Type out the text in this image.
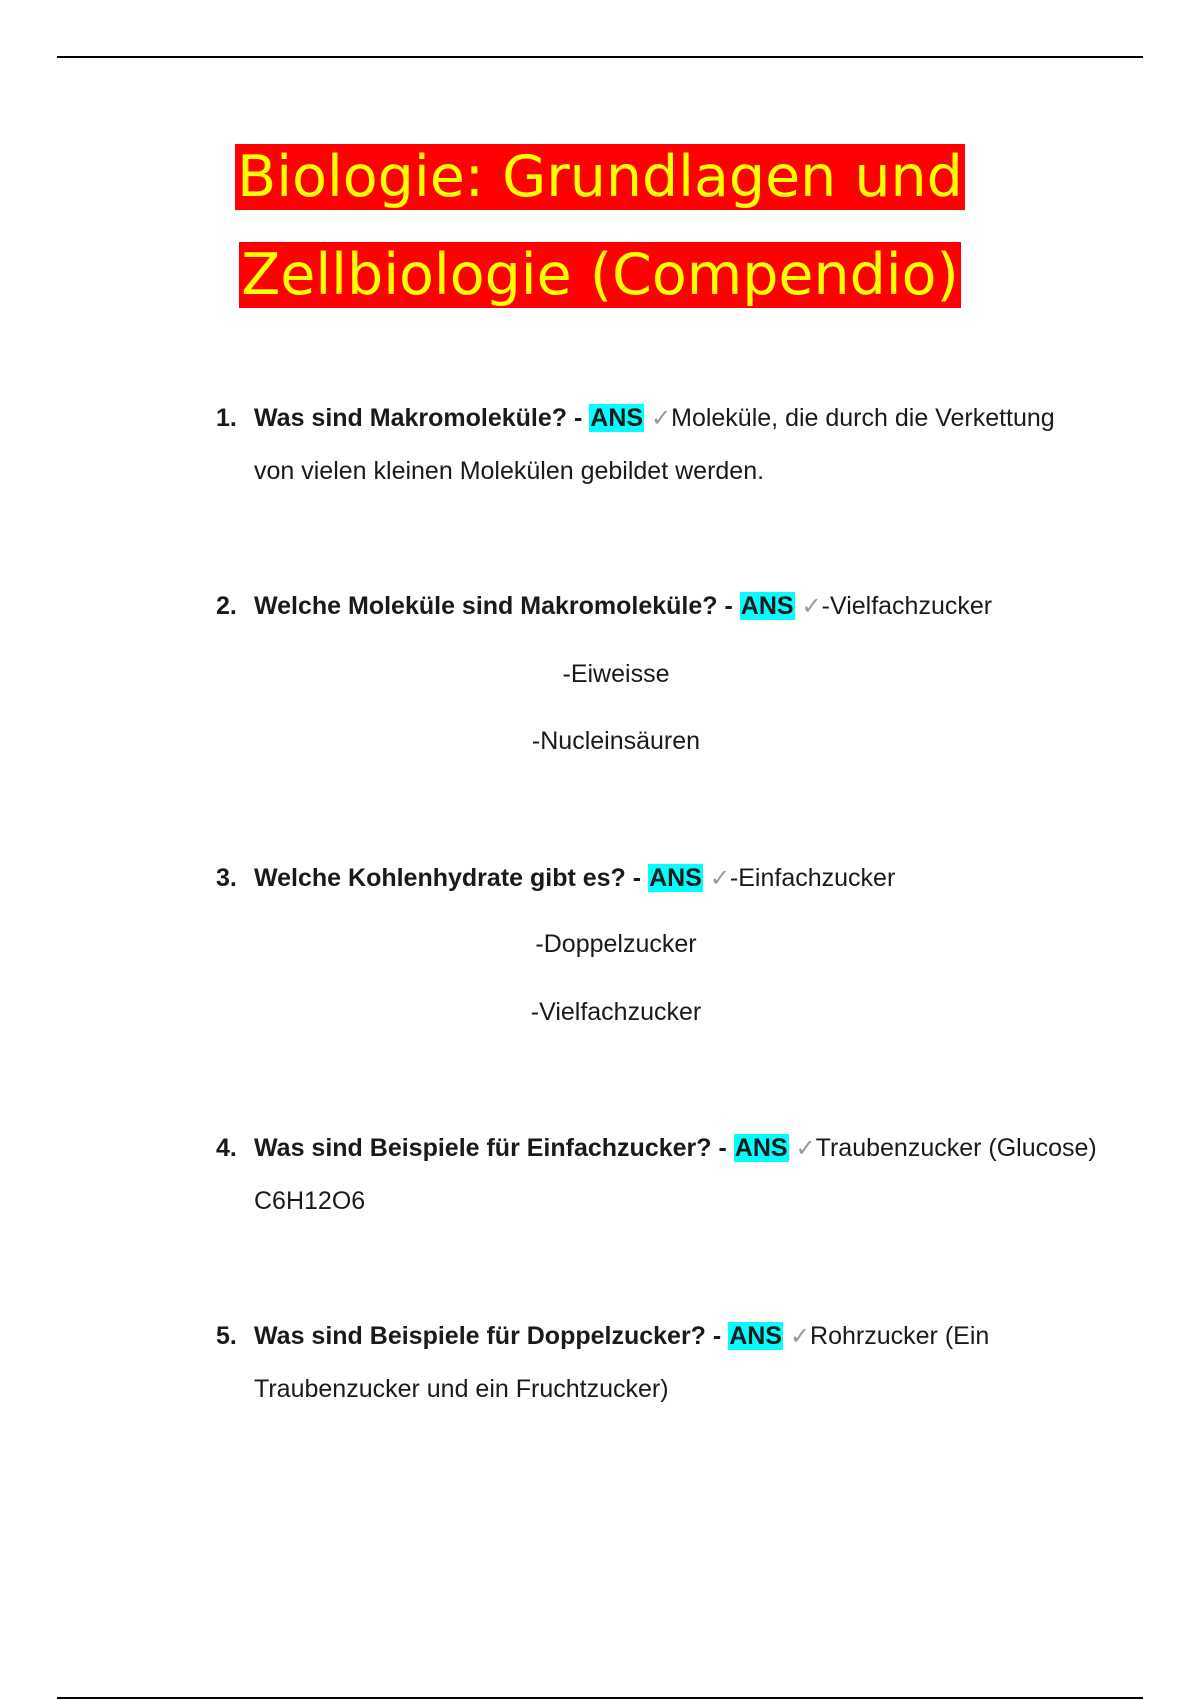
Biologie: Grundlagen und
Zellbiologie (Compendio)
1. Was sind Makromoleküle? - ANS ✓Moleküle, die durch die Verkettung
von vielen kleinen Molekülen gebildet werden.
2. Welche Moleküle sind Makromoleküle? - ANS ✓-Vielfachzucker
-Eiweisse
-Nucleinsäuren
3. Welche Kohlenhydrate gibt es? - ANS ✓-Einfachzucker
-Doppelzucker
-Vielfachzucker
4. Was sind Beispiele für Einfachzucker? - ANS ✓Traubenzucker (Glucose)
C6H12O6
5. Was sind Beispiele für Doppelzucker? - ANS ✓Rohrzucker (Ein
Traubenzucker und ein Fruchtzucker)
